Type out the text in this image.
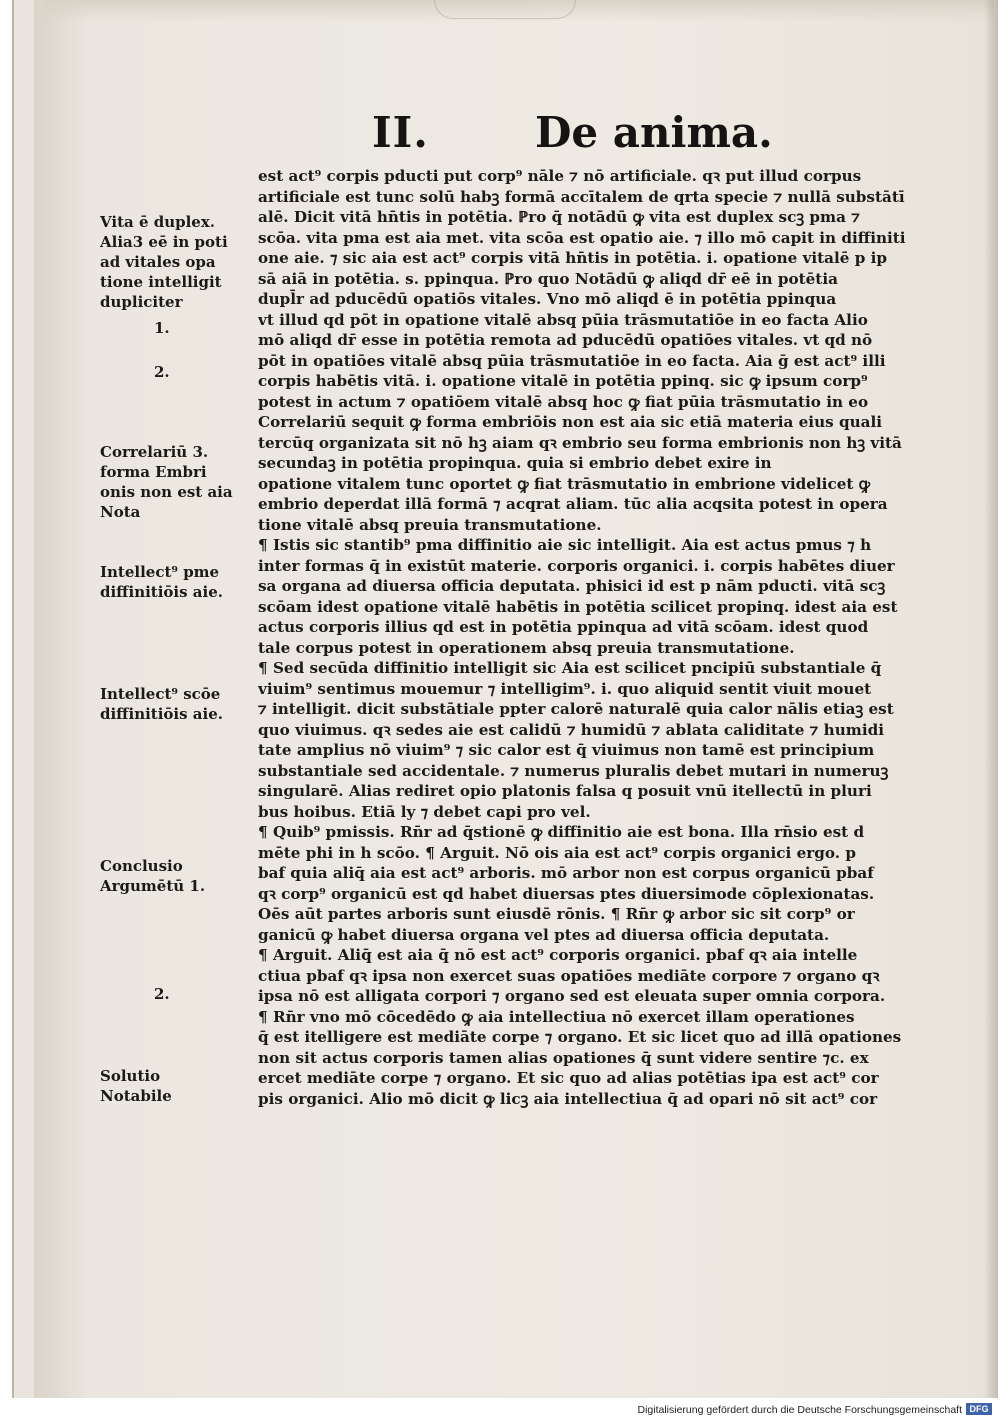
II.	De anima.
Vita ē duplex.
Alia3 eē in poti
ad vitales opa
tione intelligit
dupliciter
1.
2.
Correlariū 3.
forma Embri
onis non est aia
Nota
Intellect⁹ pme
diffinitiōis aie.
Intellect⁹ scōe
diffinitiōis aie.
Conclusio
Argumētū 1.
2.
Solutio
Notabile

est act⁹ corpis pducti put corp⁹ nāle ⁊ nō artificiale. qꝛ put illud corpus

artificiale est tunc solū habꝫ formā accītalem de qrta specie ⁊ nullā substātī

alē. Dicit vitā hn̄tis in potētia. ℙro q̄ notādū ꝙ vita est duplex scꝫ pma ⁊

scōa. vita pma est aia met. vita scōa est opatio aie. ⁊ illo mō capit in diffiniti

one aie. ⁊ sic aia est act⁹ corpis vitā hn̄tis in potētia. i. opatione vitalē p ip

sā aiā in potētia. s. ppinqua. ℙro quo Notādū ꝙ aliqd dr̄ eē in potētia

dupl̄r ad pducēdū opatiōs vitales. Vno mō aliqd ē in potētia ppinqua

vt illud qd pōt in opatione vitalē absq pūia trāsmutatiōe in eo facta Alio

mō aliqd dr̄ esse in potētia remota ad pducēdū opatiōes vitales. vt qd nō

pōt in opatiōes vitalē absq pūia trāsmutatiōe in eo facta. Aia ḡ est act⁹ illi

corpis habētis vitā. i. opatione vitalē in potētia ppinq. sic ꝙ ipsum corp⁹

potest in actum ⁊ opatiōem vitalē absq hoc ꝙ fiat pūia trāsmutatio in eo

Correlariū sequit ꝙ forma embriōis non est aia sic etiā materia eius quali

tercūq organizata sit nō hꝫ aiam qꝛ embrio seu forma embrionis non hꝫ vitā

secundaꝫ in potētia propinqua. quia si embrio debet exire in

opatione vitalem tunc oportet ꝙ fiat trāsmutatio in embrione videlicet ꝙ

embrio deperdat illā formā ⁊ acqrat aliam. tūc alia acqsita potest in opera

tione vitalē absq preuia transmutatione.

¶ Istis sic stantib⁹ pma diffinitio aie sic intelligit. Aia est actus pmus ⁊ h

inter formas q̄ in existūt materie. corporis organici. i. corpis habētes diuer

sa organa ad diuersa officia deputata. phisici id est p nām pducti. vitā scꝫ

scōam idest opatione vitalē habētis in potētia scilicet propinq. idest aia est

actus corporis illius qd est in potētia ppinqua ad vitā scōam. idest quod

tale corpus potest in operationem absq preuia transmutatione.

¶ Sed secūda diffinitio intelligit sic Aia est scilicet pncipiū substantiale q̄

viuim⁹ sentimus mouemur ⁊ intelligim⁹. i. quo aliquid sentit viuit mouet

⁊ intelligit. dicit substātiale ppter calorē naturalē quia calor nālis etiaꝫ est

quo viuimus. qꝛ sedes aie est calidū ⁊ humidū ⁊ ablata caliditate ⁊ humidi

tate amplius nō viuim⁹ ⁊ sic calor est q̄ viuimus non tamē est principium

substantiale sed accidentale. ⁊ numerus pluralis debet mutari in numeruꝫ

singularē. Alias rediret opio platonis falsa q posuit vnū itellectū in pluri

bus hoibus. Etiā ly ⁊ debet capi pro vel.

¶ Quib⁹ pmissis. Rn̄r ad q̄stionē ꝙ diffinitio aie est bona. Illa rn̄sio est d

mēte phi in h scōo. ¶ Arguit. Nō ois aia est act⁹ corpis organici ergo. p

baf quia aliq̄ aia est act⁹ arboris. mō arbor non est corpus organicū pbaf

qꝛ corp⁹ organicū est qd habet diuersas ptes diuersimode cōplexionatas.

Oēs aūt partes arboris sunt eiusdē rōnis. ¶ Rn̄r ꝙ arbor sic sit corp⁹ or

ganicū ꝙ habet diuersa organa vel ptes ad diuersa officia deputata.

¶ Arguit. Aliq̄ est aia q̄ nō est act⁹ corporis organici. pbaf qꝛ aia intelle

ctiua pbaf qꝛ ipsa non exercet suas opatiōes mediāte corpore ⁊ organo qꝛ

ipsa nō est alligata corpori ⁊ organo sed est eleuata super omnia corpora.

¶ Rn̄r vno mō cōcedēdo ꝙ aia intellectiua nō exercet illam operationes

q̄ est itelligere est mediāte corpe ⁊ organo. Et sic licet quo ad illā opationes

non sit actus corporis tamen alias opationes q̄ sunt videre sentire ⁊c. ex

ercet mediāte corpe ⁊ organo. Et sic quo ad alias potētias ipa est act⁹ cor

pis organici. Alio mō dicit ꝙ licꝫ aia intellectiua q̄ ad opari nō sit act⁹ cor

Digitalisierung gefördert durch die Deutsche Forschungsgemeinschaft DFG
